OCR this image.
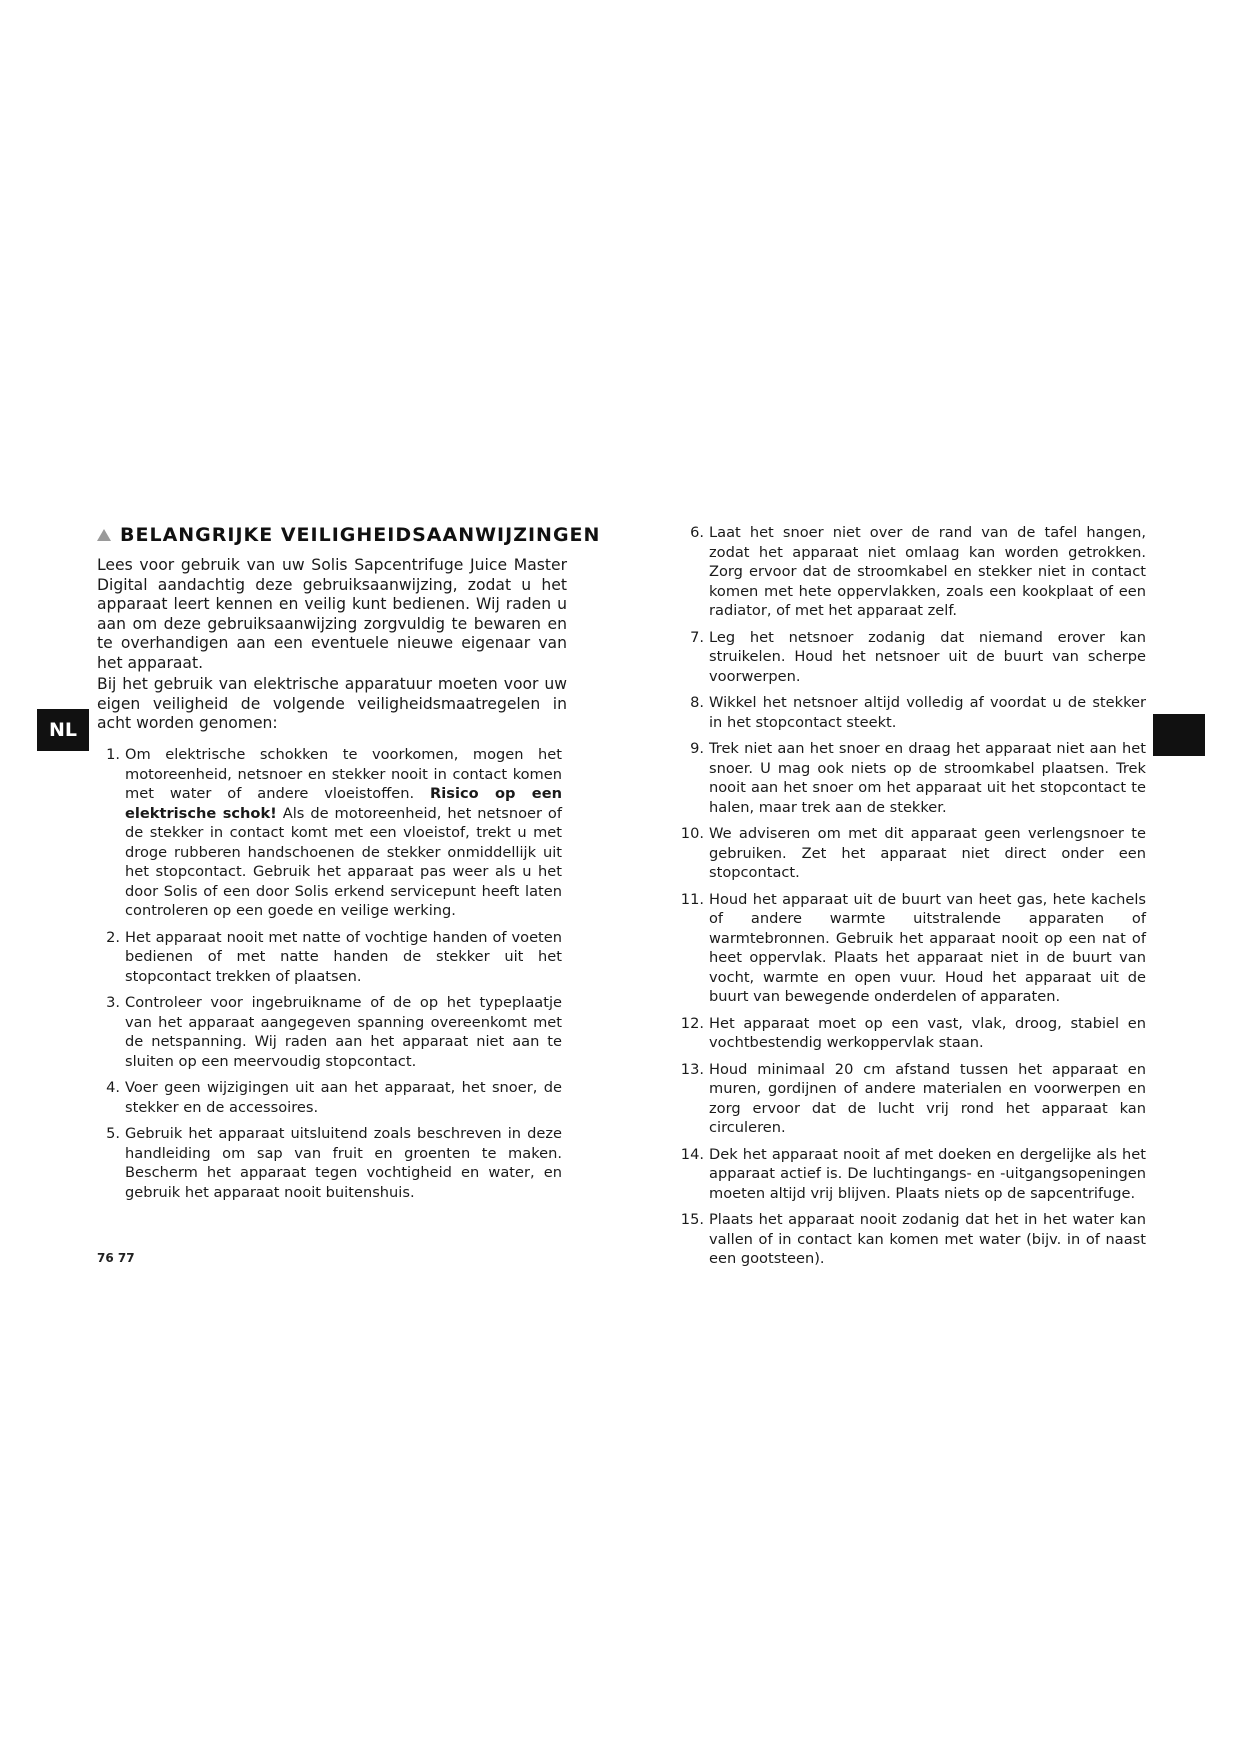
BELANGRIJKE VEILIGHEIDSAANWIJZINGEN

Lees voor gebruik van uw Solis Sapcentrifuge Juice Master Digital aandachtig deze gebruiksaanwijzing, zodat u het apparaat leert kennen en veilig kunt bedienen. Wij raden u aan om deze gebruiksaanwijzing zorgvuldig te bewaren en te overhandigen aan een eventuele nieuwe eigenaar van het apparaat.

Bij het gebruik van elektrische apparatuur moeten voor uw eigen veiligheid de volgende veiligheidsmaatregelen in acht worden genomen:

NL
1. Om elektrische schokken te voorkomen, mogen het motoreenheid, netsnoer en stekker nooit in contact komen met water of andere vloeistoffen. Risico op een elektrische schok! Als de motoreenheid, het netsnoer of de stekker in contact komt met een vloeistof, trekt u met droge rubberen handschoenen de stekker onmiddellijk uit het stopcontact. Gebruik het apparaat pas weer als u het door Solis of een door Solis erkend servicepunt heeft laten controleren op een goede en veilige werking.
2. Het apparaat nooit met natte of vochtige handen of voeten bedienen of met natte handen de stekker uit het stopcontact trekken of plaatsen.
3. Controleer voor ingebruikname of de op het typeplaatje van het apparaat aangegeven spanning overeenkomt met de netspanning. Wij raden aan het apparaat niet aan te sluiten op een meervoudig stopcontact.
4. Voer geen wijzigingen uit aan het apparaat, het snoer, de stekker en de accessoires.
5. Gebruik het apparaat uitsluitend zoals beschreven in deze handleiding om sap van fruit en groenten te maken. Bescherm het apparaat tegen vochtigheid en water, en gebruik het apparaat nooit buitenshuis.
6. Laat het snoer niet over de rand van de tafel hangen, zodat het apparaat niet omlaag kan worden getrokken. Zorg ervoor dat de stroomkabel en stekker niet in contact komen met hete oppervlakken, zoals een kookplaat of een radiator, of met het apparaat zelf.
7. Leg het netsnoer zodanig dat niemand erover kan struikelen. Houd het netsnoer uit de buurt van scherpe voorwerpen.
8. Wikkel het netsnoer altijd volledig af voordat u de stekker in het stopcontact steekt.
9. Trek niet aan het snoer en draag het apparaat niet aan het snoer. U mag ook niets op de stroomkabel plaatsen. Trek nooit aan het snoer om het apparaat uit het stopcontact te halen, maar trek aan de stekker.
10. We adviseren om met dit apparaat geen verlengsnoer te gebruiken. Zet het apparaat niet direct onder een stopcontact.
11. Houd het apparaat uit de buurt van heet gas, hete kachels of andere warmte uitstralende apparaten of warmtebronnen. Gebruik het apparaat nooit op een nat of heet oppervlak. Plaats het apparaat niet in de buurt van vocht, warmte en open vuur. Houd het apparaat uit de buurt van bewegende onderdelen of apparaten.
12. Het apparaat moet op een vast, vlak, droog, stabiel en vochtbestendig werkoppervlak staan.
13. Houd minimaal 20 cm afstand tussen het apparaat en muren, gordijnen of andere materialen en voorwerpen en zorg ervoor dat de lucht vrij rond het apparaat kan circuleren.
14. Dek het apparaat nooit af met doeken en dergelijke als het apparaat actief is. De luchtingangs- en -uitgangsopeningen moeten altijd vrij blijven. Plaats niets op de sapcentrifuge.
15. Plaats het apparaat nooit zodanig dat het in het water kan vallen of in contact kan komen met water (bijv. in of naast een gootsteen).
76 77
